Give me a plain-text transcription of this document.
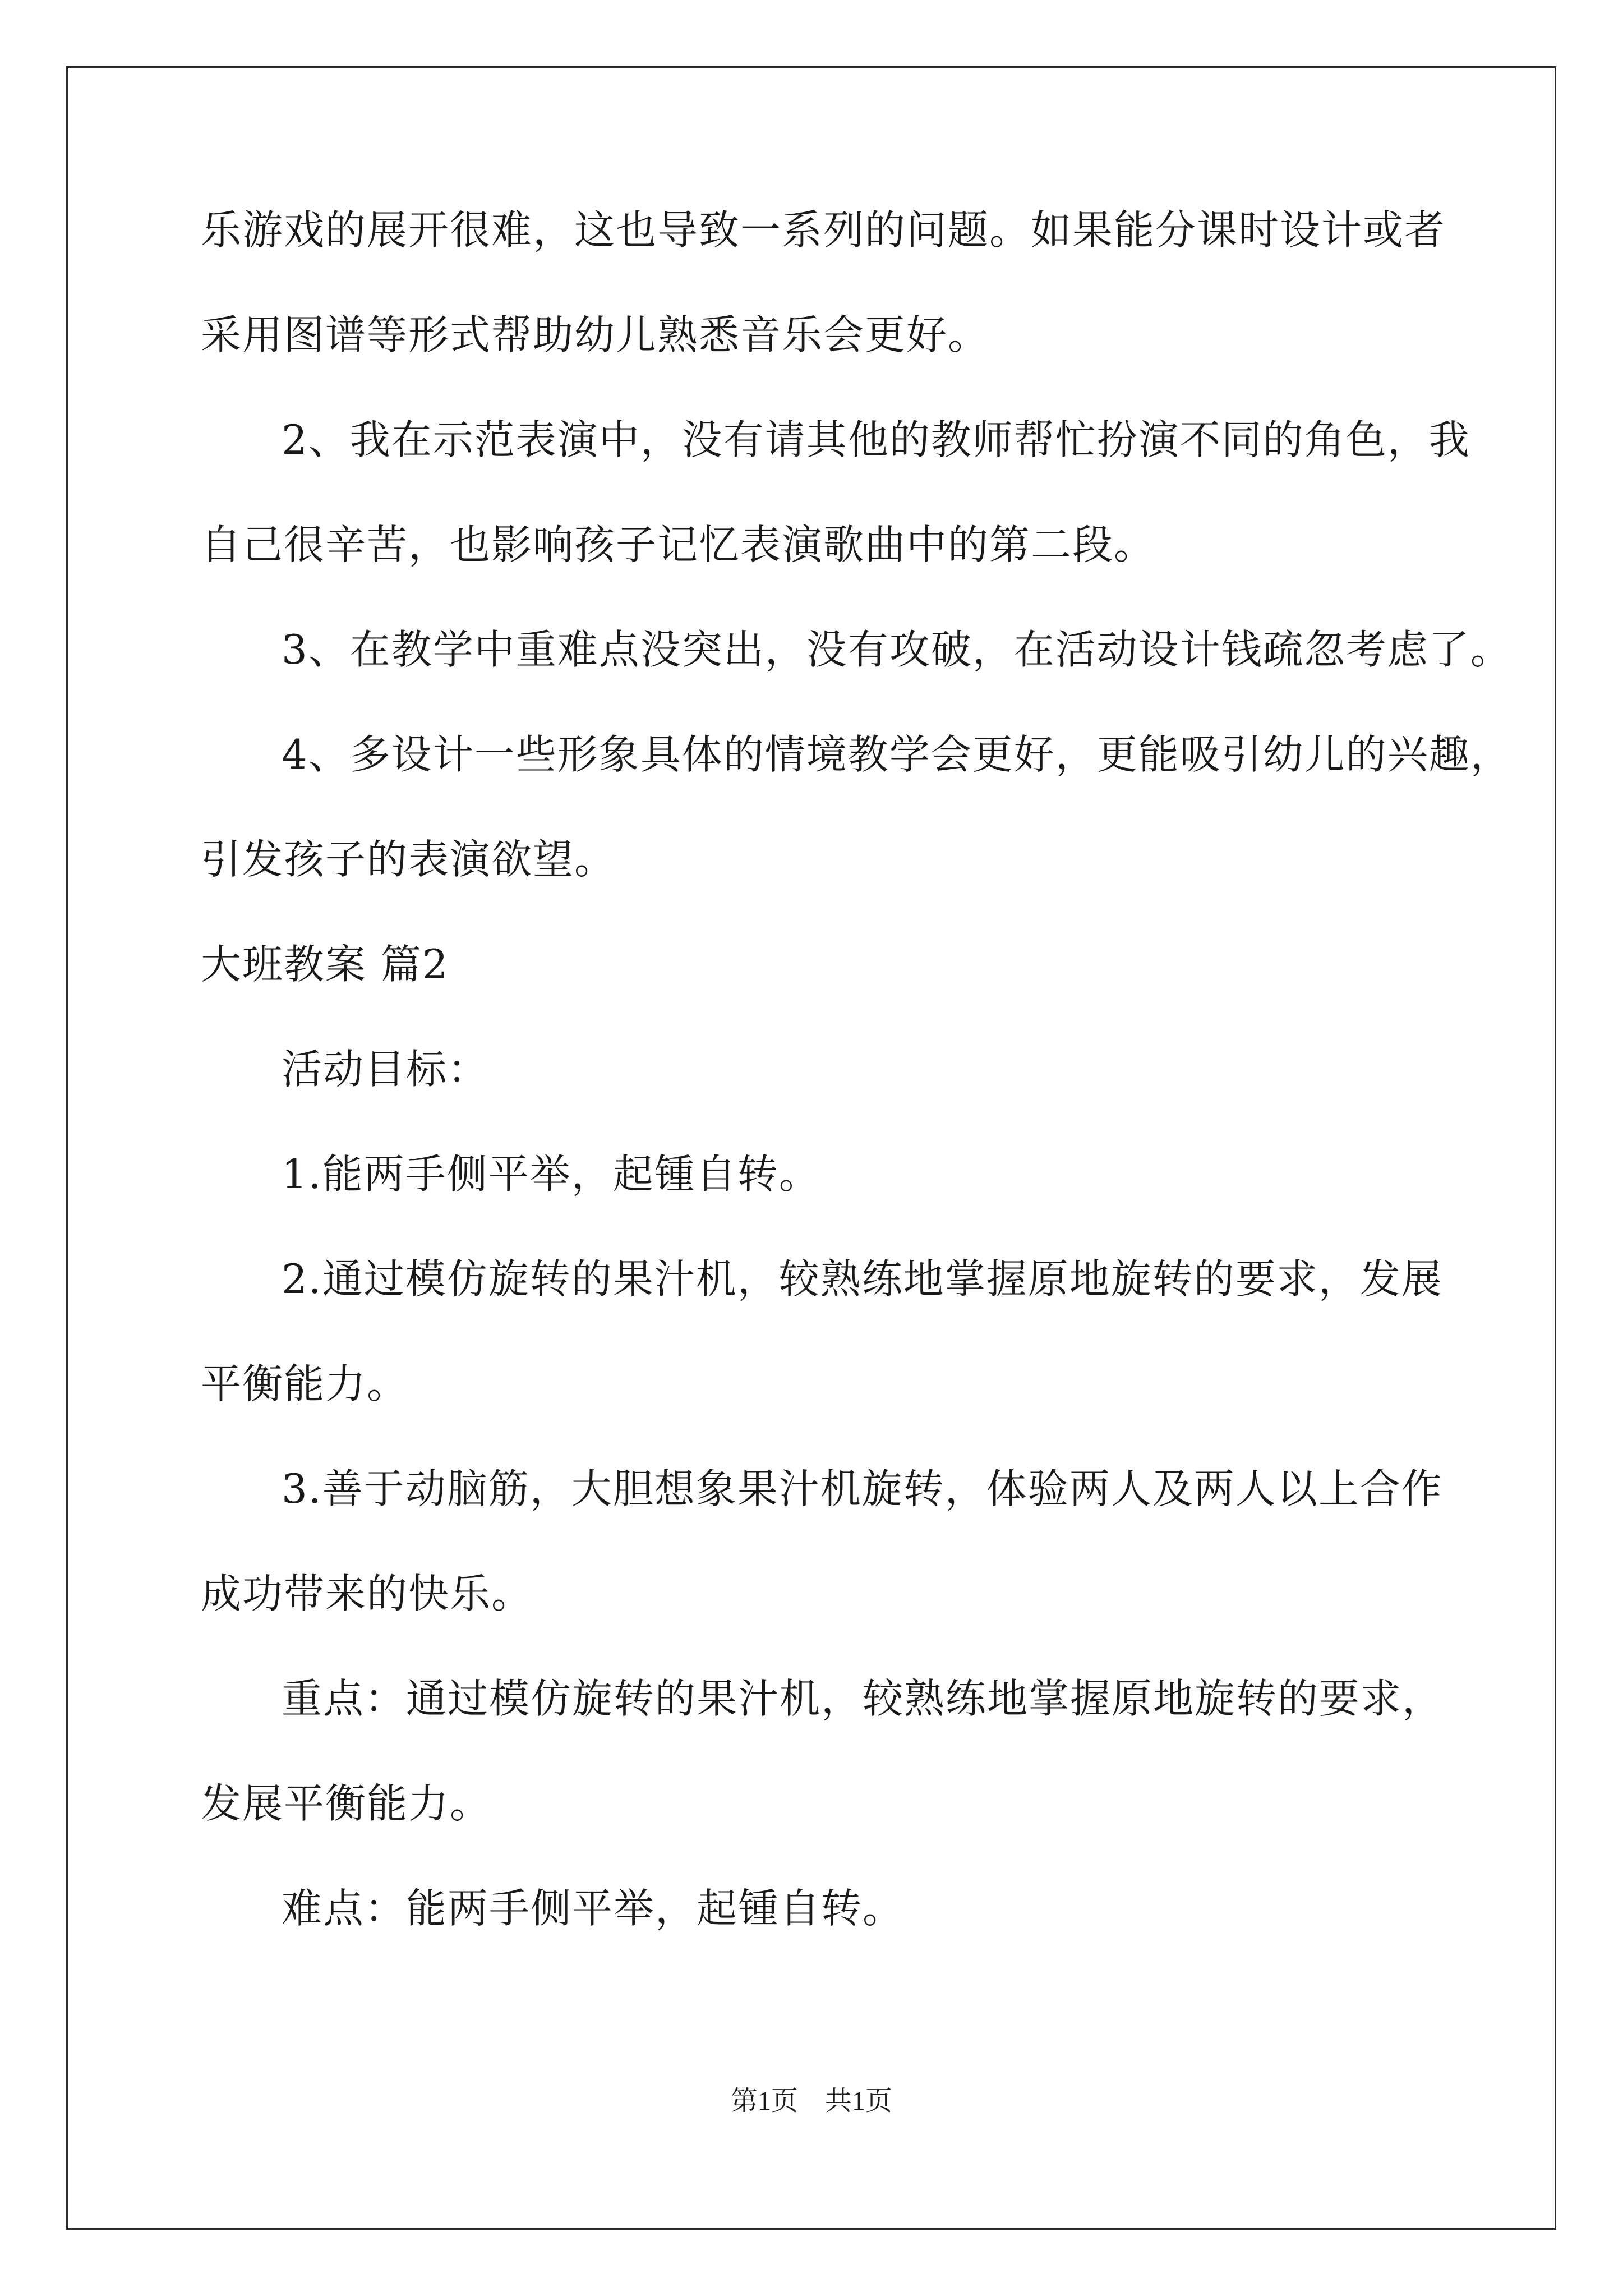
乐游戏的展开很难，这也导致一系列的问题。如果能分课时设计或者
采用图谱等形式帮助幼儿熟悉音乐会更好。
2、我在示范表演中，没有请其他的教师帮忙扮演不同的角色，我
自己很辛苦，也影响孩子记忆表演歌曲中的第二段。
3、在教学中重难点没突出，没有攻破，在活动设计钱疏忽考虑了。
4、多设计一些形象具体的情境教学会更好，更能吸引幼儿的兴趣，
引发孩子的表演欲望。
大班教案 篇2
活动目标：
1.能两手侧平举，起锺自转。
2.通过模仿旋转的果汁机，较熟练地掌握原地旋转的要求，发展
平衡能力。
3.善于动脑筋，大胆想象果汁机旋转，体验两人及两人以上合作
成功带来的快乐。
重点：通过模仿旋转的果汁机，较熟练地掌握原地旋转的要求，
发展平衡能力。
难点：能两手侧平举，起锺自转。
第1页 共1页
